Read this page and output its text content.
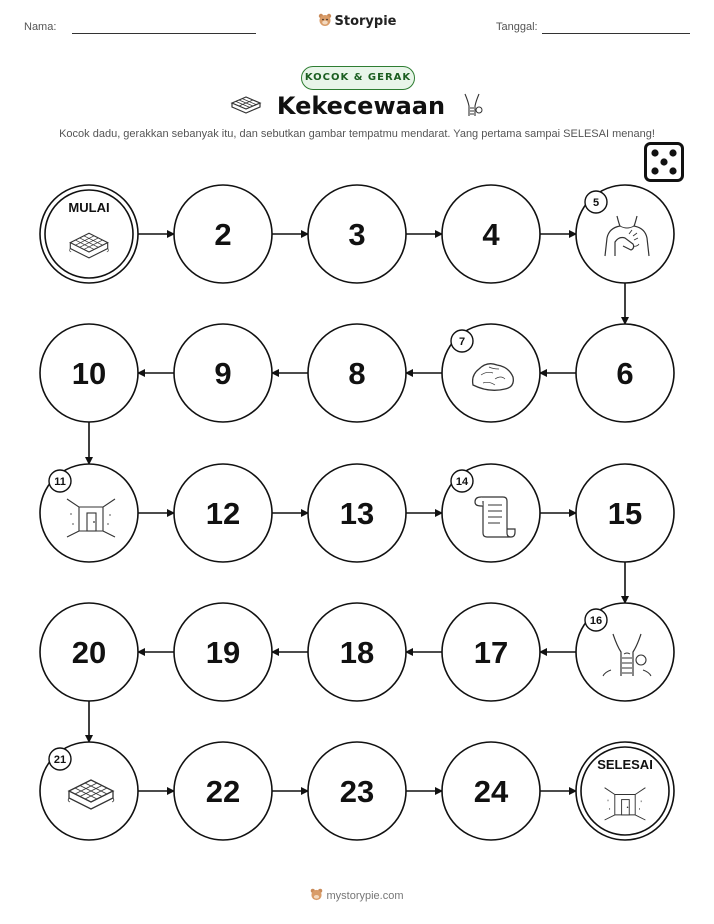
Nama:	Tanggal:
Storypie
KOCOK & GERAK
Kekecewaan
Kocok dadu, gerakkan sebanyak itu, dan sebutkan gambar tempatmu mendarat. Yang pertama sampai SELESAI menang!
MULAI
2	3	4
5
6
7
8
9
10
11
12	13
14
15
16
17
18
19
20
21
22	23	24
SELESAI
mystorypie.com
